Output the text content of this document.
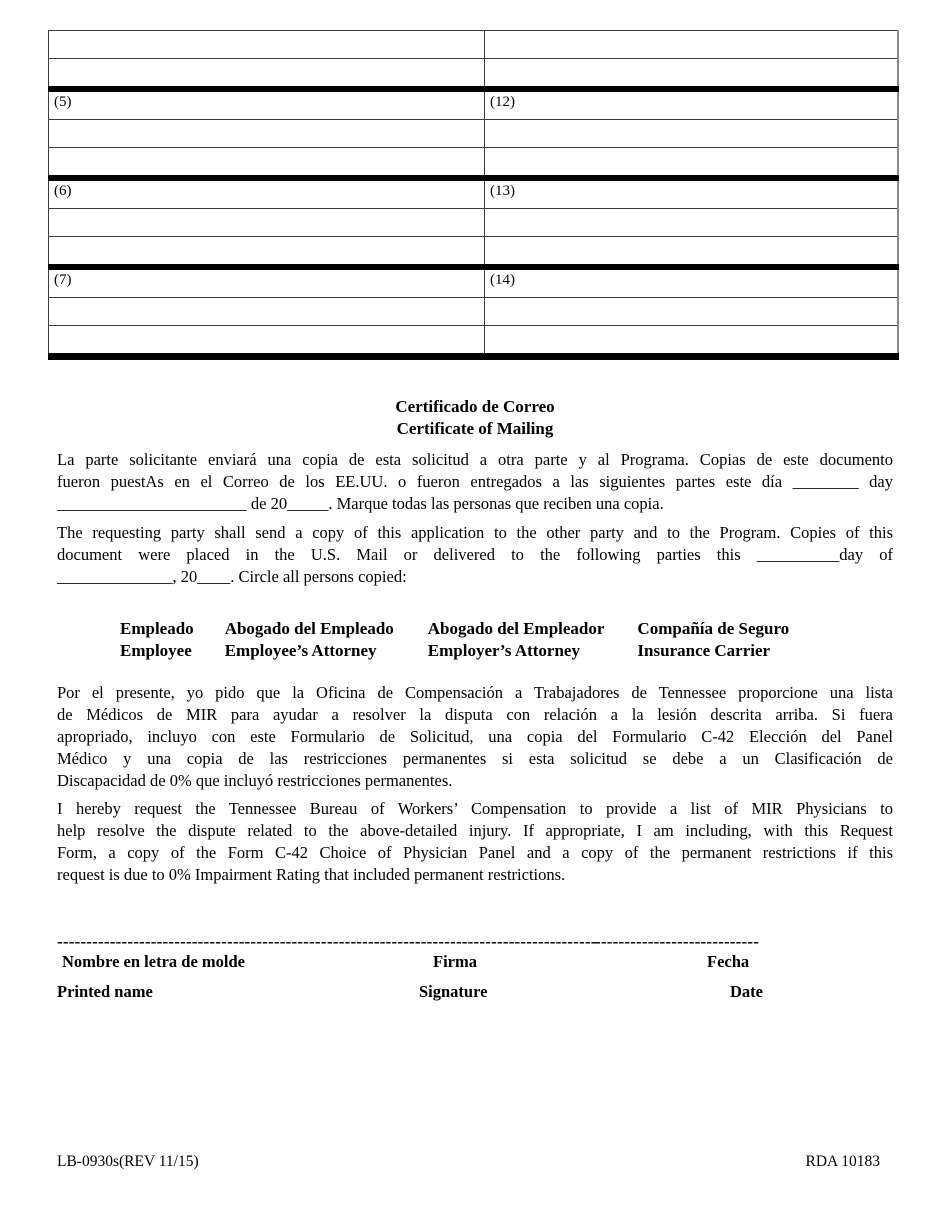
(5)	(12)

(6)	(13)

(7)	(14)

Certificado de Correo
Certificate of Mailing
La parte solicitante enviará una copia de esta solicitud a otra parte y al Programa. Copias de este documento
fueron puestAs en el Correo de los EE.UU. o fueron entregados a las siguientes partes este día ________ day
_______________________ de 20_____. Marque todas las personas que reciben una copia.
The requesting party shall send a copy of this application to the other party and to the Program. Copies of this
document were placed in the U.S. Mail or delivered to the following parties this __________day of
______________, 20____. Circle all persons copied:
Empleado
Employee
Abogado del Empleado
Employee’s Attorney
Abogado del Empleador
Employer’s Attorney
Compañía de Seguro
Insurance Carrier
Por el presente, yo pido que la Oficina de Compensación a Trabajadores de Tennessee proporcione una lista
de Médicos de MIR para ayudar a resolver la disputa con relación a la lesión descrita arriba. Si fuera
apropriado, incluyo con este Formulario de Solicitud, una copia del Formulario C-42 Elección del Panel
Médico y una copia de las restricciones permanentes si esta solicitud se debe a un Clasificación de
Discapacidad de 0% que incluyó restricciones permanentes.
I hereby request the Tennessee Bureau of Workers’ Compensation to provide a list of MIR Physicians to
help resolve the dispute related to the above-detailed injury. If appropriate, I am including, with this Request
Form, a copy of the Form C-42 Choice of Physician Panel and a copy of the permanent restrictions if this
request is due to 0% Impairment Rating that included permanent restrictions.
---------------------------------------------- ----------------------------------------------
----------------------------
Nombre en letra de molde	Firma	Fecha
Printed name	Signature	Date
LB-0930s(REV 11/15)	RDA 10183
